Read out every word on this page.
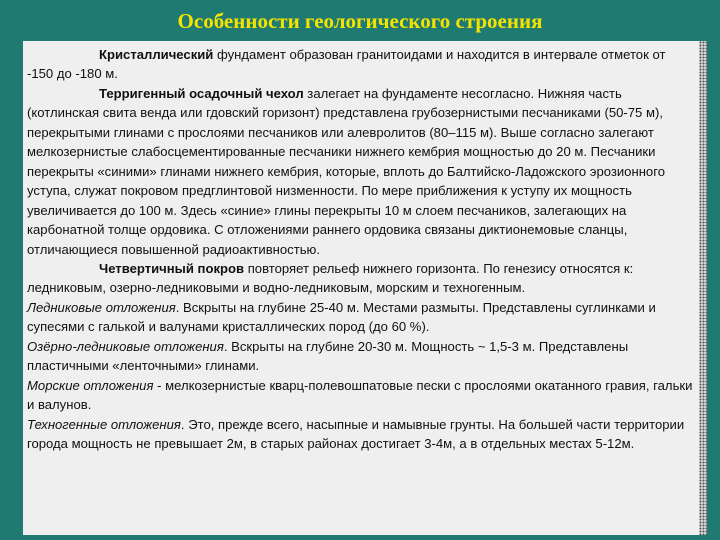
Особенности геологического строения

Кристаллический фундамент образован гранитоидами и находится в интервале отметок от -150 до -180 м.

Терригенный осадочный чехол залегает на фундаменте несогласно. Нижняя часть (котлинская свита венда или гдовский горизонт) представлена грубозернистыми песчаниками (50-75 м), перекрытыми глинами с прослоями песчаников или алевролитов (80–115 м). Выше согласно залегают мелкозернистые слабосцементированные песчаники нижнего кембрия мощностью до 20 м. Песчаники перекрыты «синими» глинами нижнего кембрия, которые, вплоть до Балтийско-Ладожского эрозионного уступа, служат покровом предглинтовой низменности. По мере приближения к уступу их мощность увеличивается до 100 м. Здесь «синие» глины перекрыты 10 м слоем песчаников, залегающих на карбонатной толще ордовика. С отложениями раннего ордовика связаны диктионемовые сланцы, отличающиеся повышенной радиоактивностью.

Четвертичный покров повторяет рельеф нижнего горизонта. По генезису относятся к: ледниковым, озерно-ледниковыми и водно-ледниковым, морским и техногенным.

Ледниковые отложения. Вскрыты на глубине 25-40 м. Местами размыты. Представлены суглинками и супесями с галькой и валунами кристаллических пород (до 60 %).

Озёрно-ледниковые отложения. Вскрыты на глубине 20-30 м. Мощность ~ 1,5-3 м. Представлены пластичными «ленточными» глинами.

Морские отложения - мелкозернистые кварц-полевошпатовые пески с прослоями окатанного гравия, гальки и валунов.

Техногенные отложения. Это, прежде всего, насыпные и намывные грунты. На большей части территории города мощность не превышает 2м, в старых районах достигает 3-4м, а в отдельных местах 5-12м.
